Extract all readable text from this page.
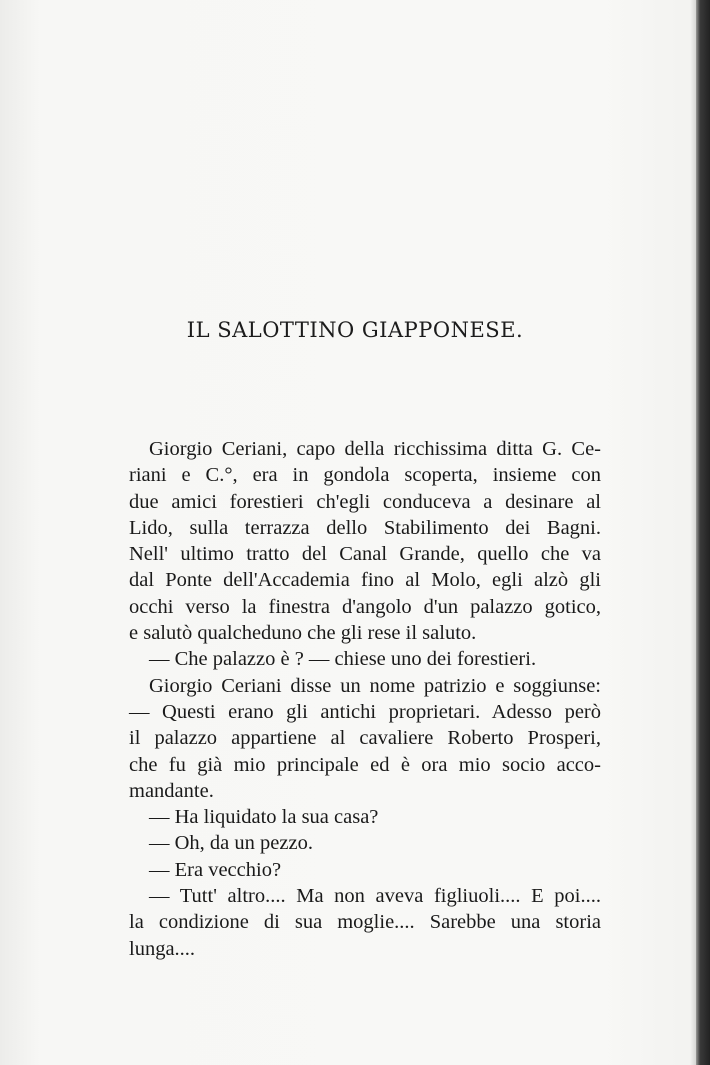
IL SALOTTINO GIAPPONESE.
Giorgio Ceriani, capo della ricchissima ditta G. Ce-
riani e C.°, era in gondola scoperta, insieme con
due amici forestieri ch'egli conduceva a desinare al
Lido, sulla terrazza dello Stabilimento dei Bagni.
Nell' ultimo tratto del Canal Grande, quello che va
dal Ponte dell'Accademia fino al Molo, egli alzò gli
occhi verso la finestra d'angolo d'un palazzo gotico,
e salutò qualcheduno che gli rese il saluto.
— Che palazzo è ? — chiese uno dei forestieri.
Giorgio Ceriani disse un nome patrizio e soggiunse:
— Questi erano gli antichi proprietari. Adesso però
il palazzo appartiene al cavaliere Roberto Prosperi,
che fu già mio principale ed è ora mio socio acco-
mandante.
— Ha liquidato la sua casa?
— Oh, da un pezzo.
— Era vecchio?
— Tutt' altro.... Ma non aveva figliuoli.... E poi....
la condizione di sua moglie.... Sarebbe una storia
lunga....
